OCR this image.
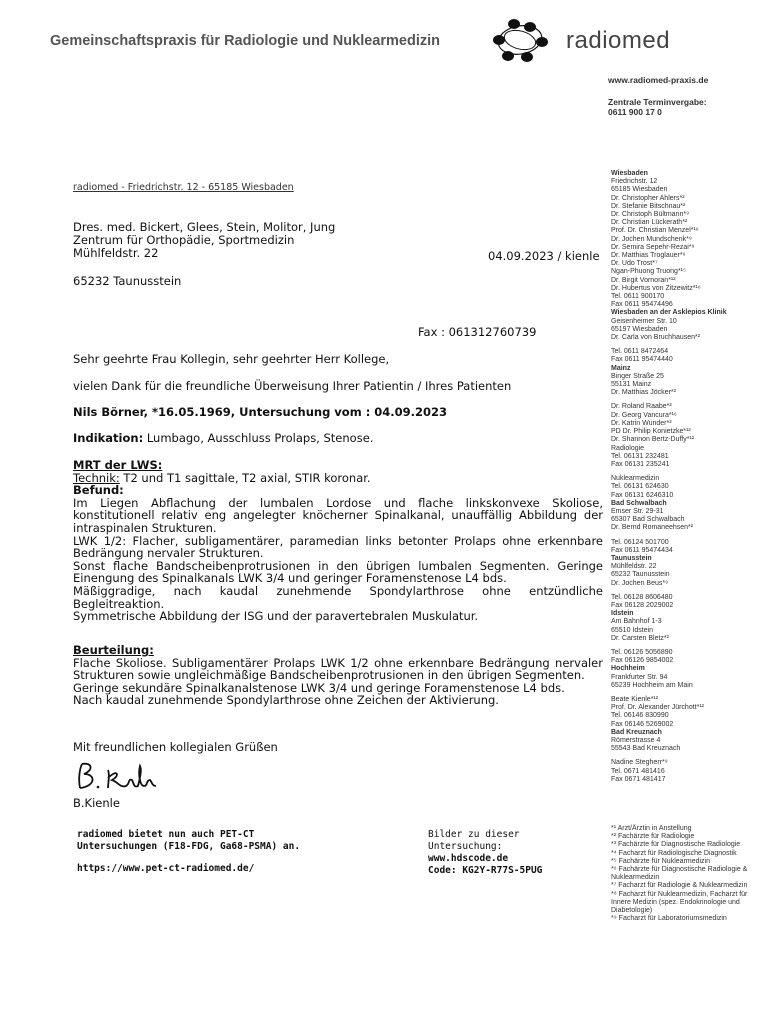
Gemeinschaftspraxis für Radiologie und Nuklearmedizin	radiomed
www.radiomed-praxis.de
Zentrale Terminvergabe:
0611 900 17 0
radiomed - Friedrichstr. 12 - 65185 Wiesbaden
Dres. med. Bickert, Glees, Stein, Molitor, Jung
Zentrum für Orthopädie, Sportmedizin
Mühlfeldstr. 22	04.09.2023 / kienle
65232 Taunusstein
Fax : 061312760739
Sehr geehrte Frau Kollegin, sehr geehrter Herr Kollege,
vielen Dank für die freundliche Überweisung Ihrer Patientin / Ihres Patienten
Nils Börner, *16.05.1969, Untersuchung vom : 04.09.2023
Indikation: Lumbago, Ausschluss Prolaps, Stenose.
MRT der LWS:
Technik: T2 und T1 sagittale, T2 axial, STIR koronar.
Befund:
Im Liegen Abflachung der lumbalen Lordose und flache linkskonvexe Skoliose, konstitutionell relativ eng angelegter knöcherner Spinalkanal, unauffällig Abbildung der intraspinalen Strukturen.
LWK 1/2: Flacher, subligamentärer, paramedian links betonter Prolaps ohne erkennbare Bedrängung nervaler Strukturen.
Sonst flache Bandscheibenprotrusionen in den übrigen lumbalen Segmenten. Geringe Einengung des Spinalkanals LWK 3/4 und geringer Foramenstenose L4 bds.
Mäßiggradige, nach kaudal zunehmende Spondylarthrose ohne entzündliche Begleitreaktion.
Symmetrische Abbildung der ISG und der paravertebralen Muskulatur.
Beurteilung:
Flache Skoliose. Subligamentärer Prolaps LWK 1/2 ohne erkennbare Bedrängung nervaler Strukturen sowie ungleichmäßige Bandscheibenprotrusionen in den übrigen Segmenten.
Geringe sekundäre Spinalkanalstenose LWK 3/4 und geringe Foramenstenose L4 bds.
Nach kaudal zunehmende Spondylarthrose ohne Zeichen der Aktivierung.
Mit freundlichen kollegialen Grüßen
B.Kienle
radiomed bietet nun auch PET-CT
Untersuchungen (F18-FDG, Ga68-PSMA) an.
https://www.pet-ct-radiomed.de/
Bilder zu dieser
Untersuchung:
www.hdscode.de
Code: KG2Y-R77S-5PUG
Wiesbaden
Friedrichstr. 12
65185 Wiesbaden
Dr. Christopher Ahlers*²
Dr. Stefanie Bitschnau*²
Dr. Christoph Bültmann*⁹
Dr. Christian Lückerath*²
Prof. Dr. Christian Menzel*¹⁶
Dr. Jochen Mundschenk*⁹
Dr. Semira Sepehr-Rezai*⁹
Dr. Matthias Troglauer*⁶
Dr. Udo Trost*⁷
Ngan-Phuong Truong*¹⁵
Dr. Birgit Vornoran*¹²
Dr. Hubertus von Zitzewitz*¹⁶
Tel. 0611 900170
Fax 0611 95474496
Wiesbaden an der Asklepios Klinik
Geisenheimer Str. 10
65197 Wiesbaden
Dr. Carla von Bruchhausen*²
Tel. 0611 8472464
Fax 0611 95474440
Mainz
Binger Straße 25
55131 Mainz
Dr. Matthias Jöcker*²
Dr. Roland Raabe*²
Dr. Georg Vancura*¹⁶
Dr. Katrin Wunder*²
PD Dr. Philip Konietzke*¹²
Dr. Shannon Bertz-Duffy*¹²
Radiologie
Tel. 06131 232481
Fax 06131 235241
Nuklearmedizin
Tel. 06131 624630
Fax 06131 6246310
Bad Schwalbach
Emser Str. 29-31
65307 Bad Schwalbach
Dr. Bernd Romaneehsen*²
Tel. 06124 501700
Fax 0611 95474434
Taunusstein
Mühlfeldstr. 22
65232 Taunusstein
Dr. Jochen Beus*⁹
Tel. 06128 8606480
Fax 06128 2029002
Idstein
Am Bahnhof 1-3
65510 Idstein
Dr. Carsten Bletz*²
Tel. 06126 5056890
Fax 06126 9854002
Hochheim
Frankfurter Str. 94
65239 Hochheim am Main
Beate Kienle*¹²
Prof. Dr. Alexander Jürchott*¹²
Tel. 06146 830990
Fax 06146 5269002
Bad Kreuznach
Römerstrasse 4
55543 Bad Kreuznach
Nadine Stegherr*⁹
Tel. 0671 481416
Fax 0671 481417
*¹ Arzt/Ärztin in Anstellung
*² Fachärzte für Radiologie
*³ Fachärzte für Diagnostische Radiologie
*⁴ Facharzt für Radiologische Diagnostik
*⁵ Fachärzte für Nuklearmedizin
*⁶ Fachärzte für Diagnostische Radiologie & Nuklearmedizin
*⁷ Facharzt für Radiologie & Nuklearmedizin
*⁸ Facharzt für Nuklearmedizin, Facharzt für Innere Medizin (spez. Endokrinologie und Diabetologie)
*⁹ Facharzt für Laboratoriumsmedizin
